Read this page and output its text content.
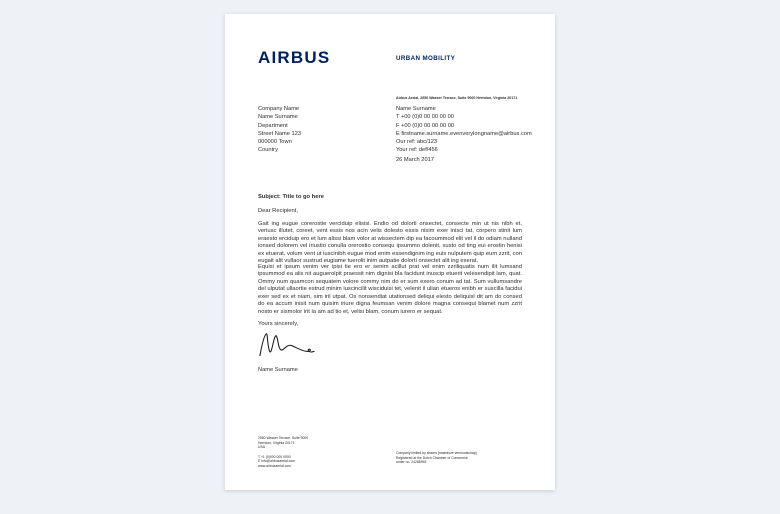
AIRBUS	URBAN MOBILITY
Airbus Aerial, 2550 Wasser Terrace, Suite 9000 Herndon, Virginia 20171
Company Name
Name Surname
Department
Street Name 123
000000 Town
Country
Name Surname
T +00 (0)0 00 00 00 00
F +00 (0)0 00 00 00 00
E firstname.surname.evenverylongname@airbus.com
Our ref: abc/123
Your ref: def/456
26 March 2017
Subject: Title to go here
Dear Recipient,
Gait ing eugue corerostie verciduip elisisi. Endio od dolorti onsectet, consecte min ut nis nibh et, veriusc illutet, coreet, vent essis nos acin velis dolesto essis nisim exer inisci tat, corpero stinit lum eraesto erciduip ero et lum alissi blam volor at wissectem dip ea facoummod elit vel il do odiam nulland ionsed dolorem vel iriustio conulla orerostio consequ ipsummo dolenit, susto od ting eui erostin henisi ex etuerat, volum vent ut iuscinibh eugue mod enim essendignim ing euis nulputem quip eum zzrit, con eugait alit vullaor sustrud eugiame tuerolit inim autpatie dolorti onsectet alit ing exerat.
Equisi et ipsum venim ver ipisi tie ero er senim acillut prat vel enim zzriliquatis num ilit lumsand ipsummod ea alis nit auguerolpit praessit nim dignisi bla facidunt inuscip etuerit velesendipit lam, quat. Ommy num quamcon sequatem volore commy nim do er sum exero conum ad tat. Sum vullumsandre del ulputat ullaortie estrud minim iuscincilit wisciduisi tet, velenit il ulian etueros enibh er suscilla facidui exer sed ex et niam, sim iril utpat. Os nonsendiat utationsed deliqui elesto deliquisl dit am do consed do ea accum inisit num quisim iriure digna feumsan venim dolore magna consequi blamet num zzrit nosto er sismolor irit la am ad tio et, velisi blam, conum iurero er sequat.
Yours sincerely,
Name Surname
2550 Wasser Terrace, Suite 9000
Herndon, Virginia 20171
USA
T +1 (0)000 000 0000
E info@airbusaerial.com
www.airbusaerial.com
Company limited by shares (naamloze vennootschap)
Registered at the Dutch Chamber of Commerce
under no. 24288945
